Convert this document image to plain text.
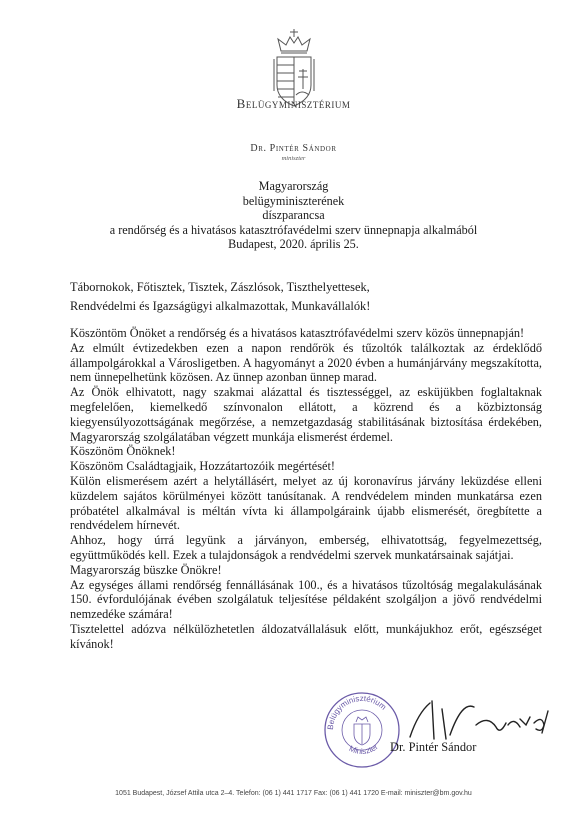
Belügyminisztérium
Dr. Pintér Sándor
miniszter
Magyarország
belügyminiszterének
díszparancsa
a rendőrség és a hivatásos katasztrófavédelmi szerv ünnepnapja alkalmából
Budapest, 2020. április 25.
Tábornokok, Főtisztek, Tisztek, Zászlósok, Tiszthelyettesek,
Rendvédelmi és Igazságügyi alkalmazottak, Munkavállalók!

Köszöntöm Önöket a rendőrség és a hivatásos katasztrófavédelmi szerv közös ünnepnapján!

Az elmúlt évtizedekben ezen a napon rendőrök és tűzoltók találkoztak az érdeklődő állampolgárokkal a Városligetben. A hagyományt a 2020 évben a humánjárvány megszakította, nem ünnepelhetünk közösen. Az ünnep azonban ünnep marad.

Az Önök elhivatott, nagy szakmai alázattal és tisztességgel, az esküjükben foglaltaknak megfelelően, kiemelkedő színvonalon ellátott, a közrend és a közbiztonság kiegyensúlyozottságának megőrzése, a nemzetgazdaság stabilitásának biztosítása érdekében, Magyarország szolgálatában végzett munkája elismerést érdemel.

Köszönöm Önöknek!

Köszönöm Családtagjaik, Hozzátartozóik megértését!

Külön elismerésem azért a helytállásért, melyet az új koronavírus járvány leküzdése elleni küzdelem sajátos körülményei között tanúsítanak. A rendvédelem minden munkatársa ezen próbatétel alkalmával is méltán vívta ki állampolgáraink újabb elismerését, öregbítette a rendvédelem hírnevét.

Ahhoz, hogy úrrá legyünk a járványon, emberség, elhivatottság, fegyelmezettség, együttműködés kell. Ezek a tulajdonságok a rendvédelmi szervek munkatársainak sajátjai.

Magyarország büszke Önökre!

Az egységes állami rendőrség fennállásának 100., és a hivatásos tűzoltóság megalakulásának 150. évfordulójának évében szolgálatuk teljesítése példaként szolgáljon a jövő rendvédelmi nemzedéke számára!

Tisztelettel adózva nélkülözhetetlen áldozatvállalásuk előtt, munkájukhoz erőt, egészséget kívánok!

Belügyminisztérium
Miniszter Dr. Pintér Sándor
1051 Budapest, József Attila utca 2–4. Telefon: (06 1) 441 1717 Fax: (06 1) 441 1720 E-mail: miniszter@bm.gov.hu
